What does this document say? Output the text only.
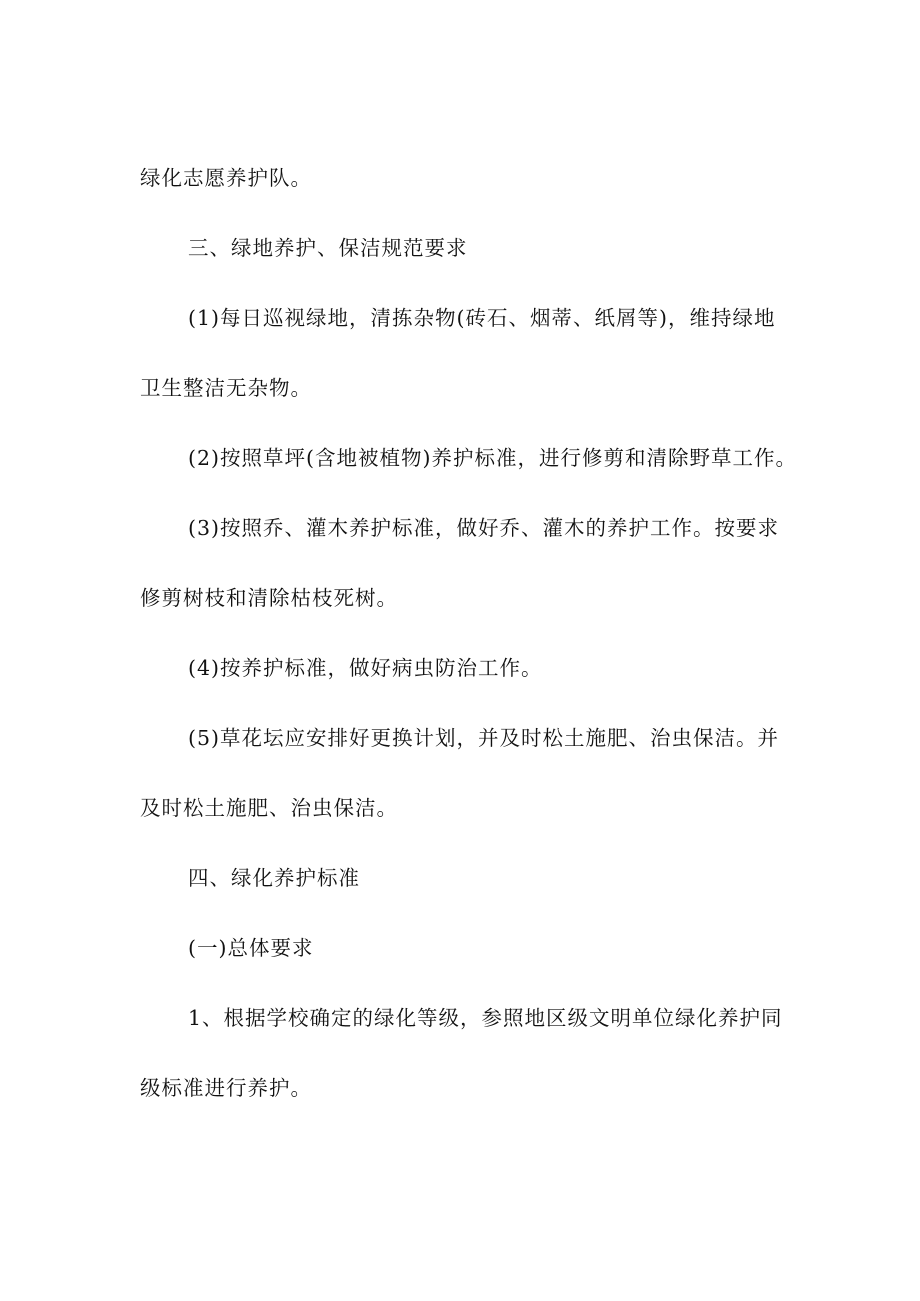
绿化志愿养护队。
三、绿地养护、保洁规范要求
(1)每日巡视绿地，清拣杂物(砖石、烟蒂、纸屑等)，维持绿地
卫生整洁无杂物。
(2)按照草坪(含地被植物)养护标准，进行修剪和清除野草工作。
(3)按照乔、灌木养护标准，做好乔、灌木的养护工作。按要求
修剪树枝和清除枯枝死树。
(4)按养护标准，做好病虫防治工作。
(5)草花坛应安排好更换计划，并及时松土施肥、治虫保洁。并
及时松土施肥、治虫保洁。
四、绿化养护标准
(一)总体要求
1、根据学校确定的绿化等级，参照地区级文明单位绿化养护同
级标准进行养护。
